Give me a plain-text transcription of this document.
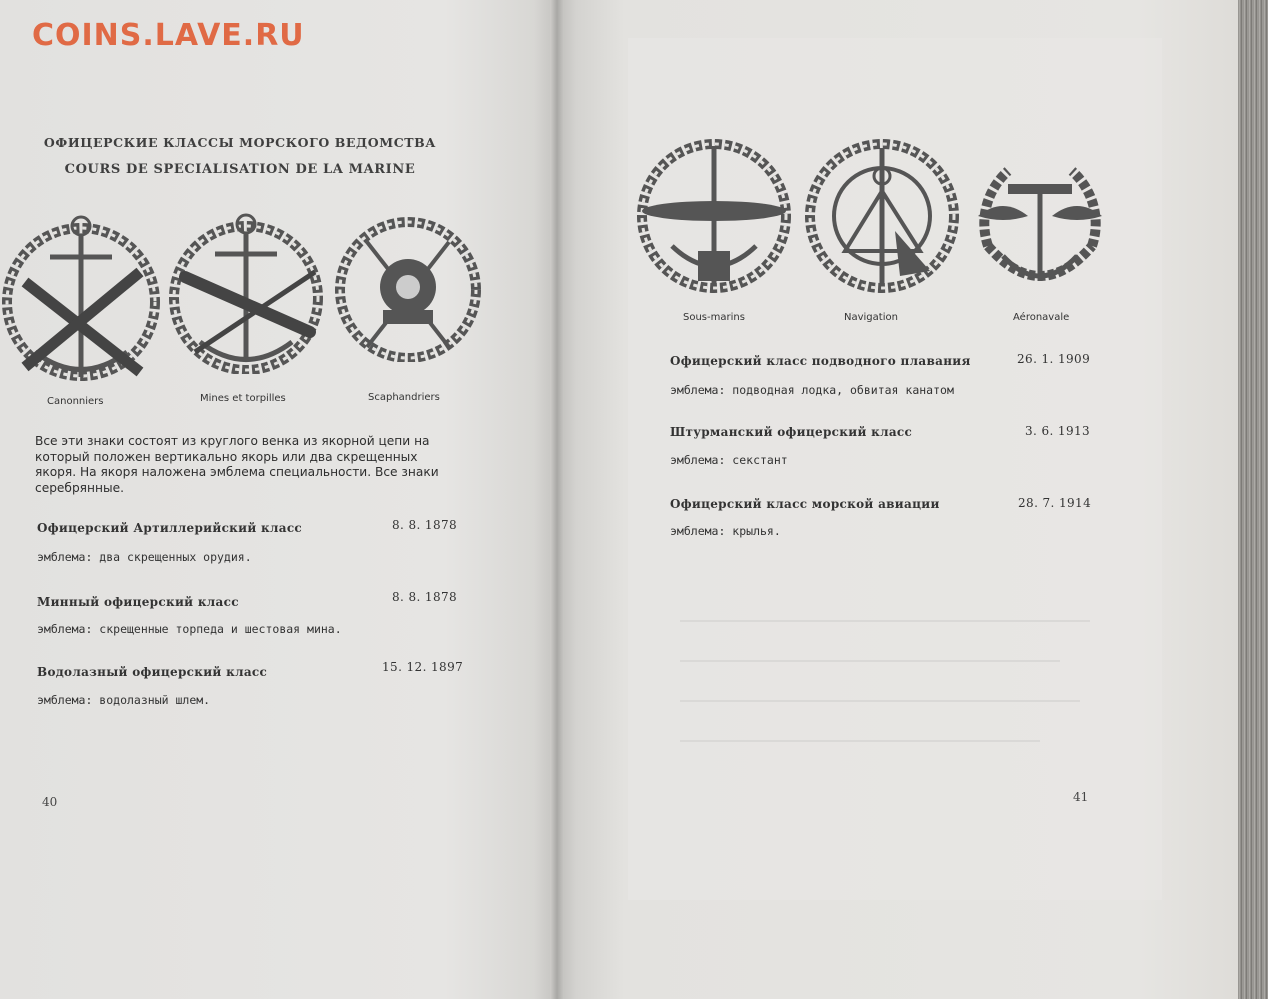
COINS.LAVE.RU
ОФИЦЕРСКИЕ КЛАССЫ МОРСКОГО ВЕДОМСТВА
COURS DE SPECIALISATION DE LA MARINE
Canonniers	Mines et torpilles	Scaphandriers
Все эти знаки состоят из круглого венка из якорной цепи на который положен вертикально якорь или два скрещенных якоря. На якоря наложена эмблема специальности. Все знаки серебрянные.
Офицерский Артиллерийский класс	8. 8. 1878
эмблема: два скрещенных орудия.
Минный офицерский класс	8. 8. 1878
эмблема: скрещенные торпеда и шестовая мина.
Водолазный офицерский класс	15. 12. 1897
эмблема: водолазный шлем.
40
Sous-marins	Navigation	Aéronavale
Офицерский класс подводного плавания	26. 1. 1909
эмблема: подводная лодка, обвитая канатом
Штурманский офицерский класс	3. 6. 1913
эмблема: секстант
Офицерский класс морской авиации	28. 7. 1914
эмблема: крылья.
41
